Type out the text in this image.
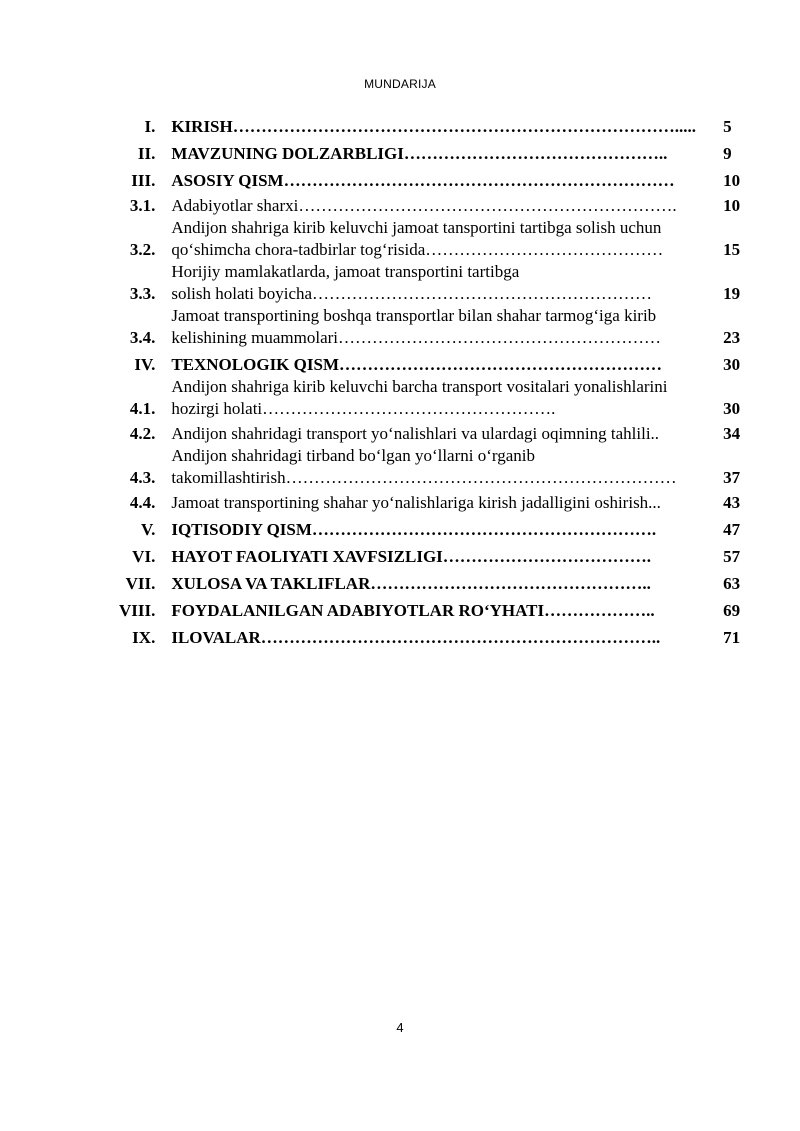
MUNDARIJA
I.	KIRISH…………………………………………………………………….....	5
II.	MAVZUNING DOLZARBLIGI………………………………………..	9
III.	ASOSIY QISM……………………………………………………………	10
3.1.	Adabiyotlar sharxi………………………………………………………….	10
3.2.	Andijon shahriga kirib keluvchi jamoat tansportini tartibga solish uchun
qo‘shimcha chora-tadbirlar tog‘risida……………………………………	15
3.3.	Horijiy mamlakatlarda, jamoat transportini tartibga
solish holati boyicha……………………………………………………	19
3.4.	Jamoat transportining boshqa transportlar bilan shahar tarmog‘iga kirib
kelishining muammolari…………………………………………………	23
IV.	TEXNOLOGIK QISM…………………………………………………	30
4.1.	Andijon shahriga kirib keluvchi barcha transport vositalari yonalishlarini
hozirgi holati…………………………………………….	30
4.2.	Andijon shahridagi transport yo‘nalishlari va ulardagi oqimning tahlili..	34
4.3.	Andijon shahridagi tirband bo‘lgan yo‘llarni o‘rganib
takomillashtirish……………………………………………………………	37
4.4.	Jamoat transportining shahar yo‘nalishlariga kirish jadalligini oshirish...	43
V.	IQTISODIY QISM…………………………………………………….	47
VI.	HAYOT FAOLIYATI XAVFSIZLIGI……………………………….	57
VII.	XULOSA VA TAKLIFLAR…………………………………………..	63
VIII.	FOYDALANILGAN ADABIYOTLAR RO‘YHATI………………..	69
IX.	ILOVALAR……………………………………………………………..	71
4
